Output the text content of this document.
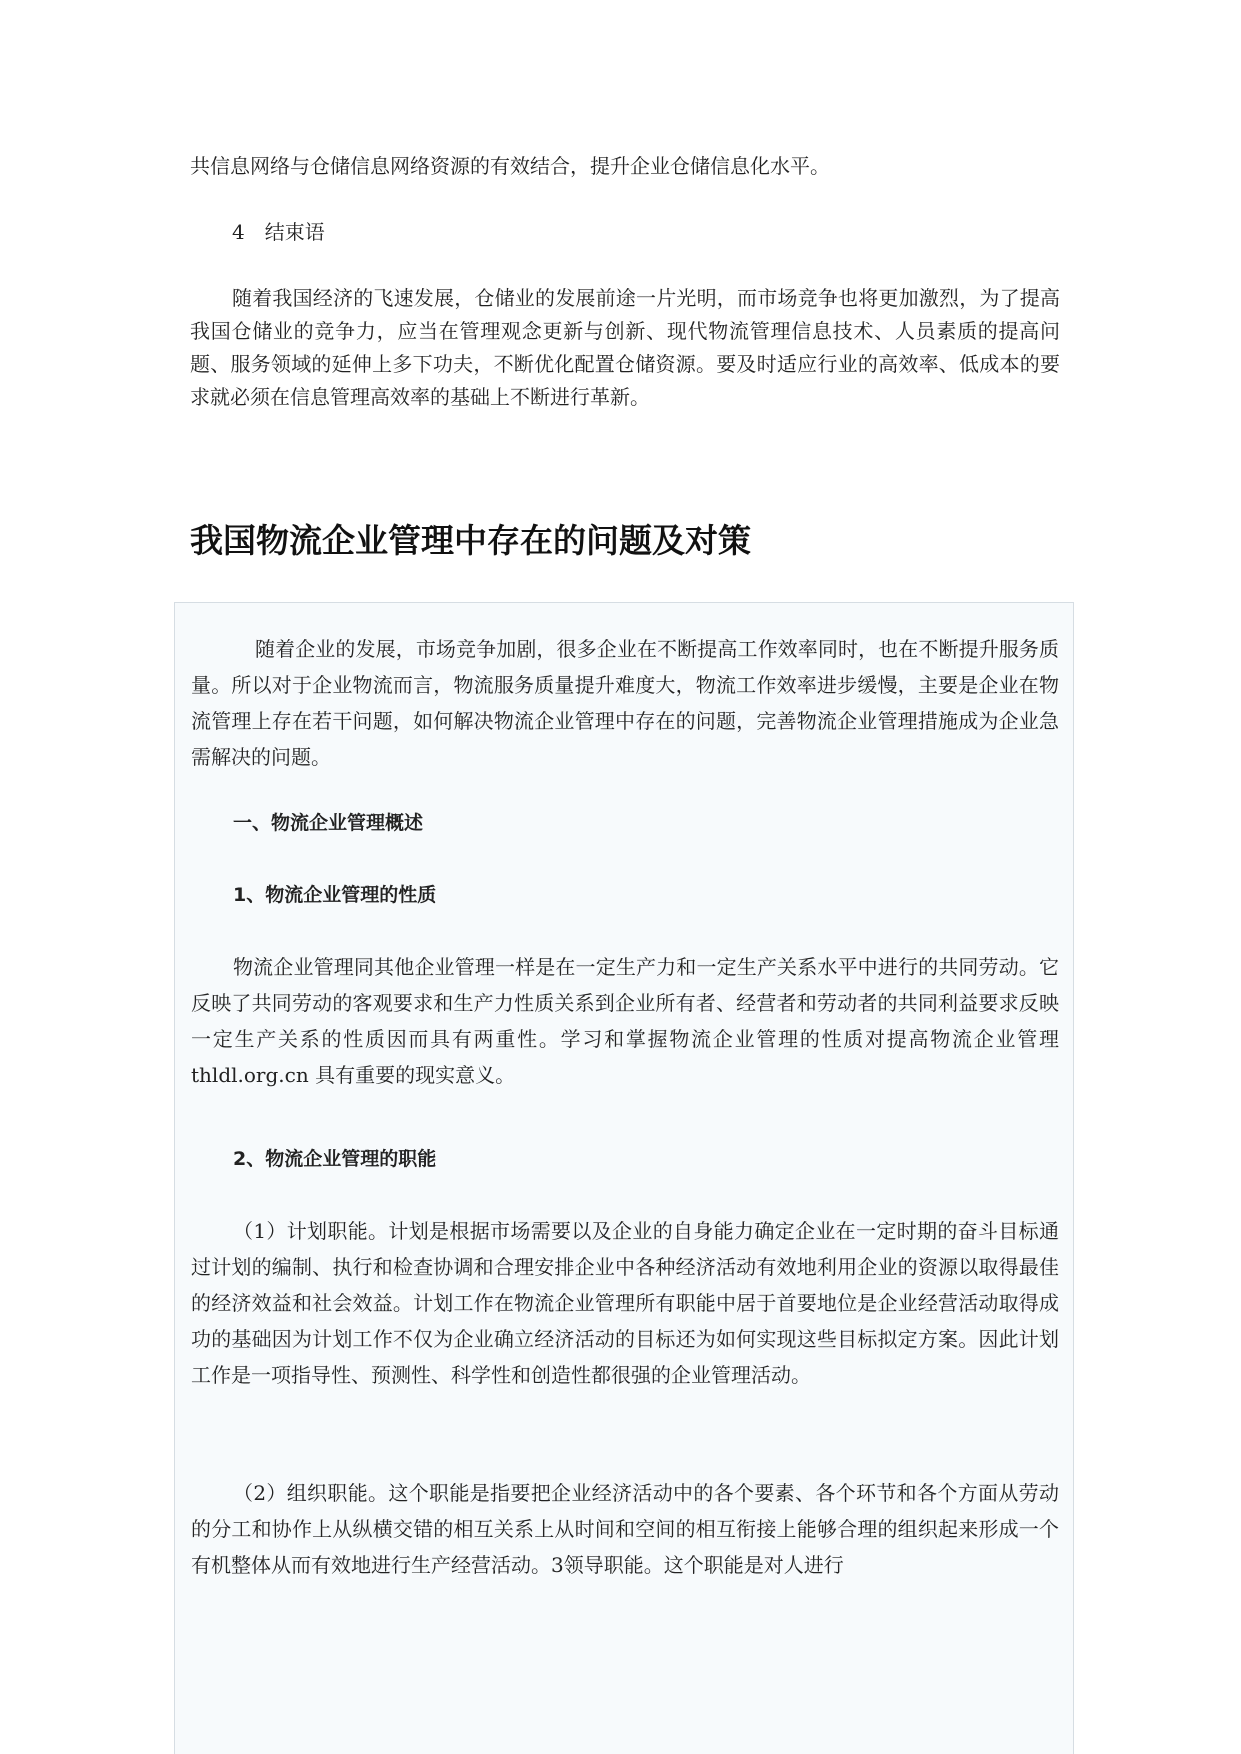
共信息网络与仓储信息网络资源的有效结合，提升企业仓储信息化水平。

4　结束语

随着我国经济的飞速发展，仓储业的发展前途一片光明，而市场竞争也将更加激烈，为了提高我国仓储业的竞争力，应当在管理观念更新与创新、现代物流管理信息技术、人员素质的提高问题、服务领域的延伸上多下功夫，不断优化配置仓储资源。要及时适应行业的高效率、低成本的要求就必须在信息管理高效率的基础上不断进行革新。

我国物流企业管理中存在的问题及对策

随着企业的发展，市场竞争加剧，很多企业在不断提高工作效率同时，也在不断提升服务质量。所以对于企业物流而言，物流服务质量提升难度大，物流工作效率进步缓慢，主要是企业在物流管理上存在若干问题，如何解决物流企业管理中存在的问题，完善物流企业管理措施成为企业急需解决的问题。

一、物流企业管理概述

1、物流企业管理的性质

物流企业管理同其他企业管理一样是在一定生产力和一定生产关系水平中进行的共同劳动。它反映了共同劳动的客观要求和生产力性质关系到企业所有者、经营者和劳动者的共同利益要求反映一定生产关系的性质因而具有两重性。学习和掌握物流企业管理的性质对提高物流企业管理 thldl.org.cn 具有重要的现实意义。

2、物流企业管理的职能

（1）计划职能。计划是根据市场需要以及企业的自身能力确定企业在一定时期的奋斗目标通过计划的编制、执行和检查协调和合理安排企业中各种经济活动有效地利用企业的资源以取得最佳的经济效益和社会效益。计划工作在物流企业管理所有职能中居于首要地位是企业经营活动取得成功的基础因为计划工作不仅为企业确立经济活动的目标还为如何实现这些目标拟定方案。因此计划工作是一项指导性、预测性、科学性和创造性都很强的企业管理活动。

（2）组织职能。这个职能是指要把企业经济活动中的各个要素、各个环节和各个方面从劳动的分工和协作上从纵横交错的相互关系上从时间和空间的相互衔接上能够合理的组织起来形成一个有机整体从而有效地进行生产经营活动。3领导职能。这个职能是对人进行
